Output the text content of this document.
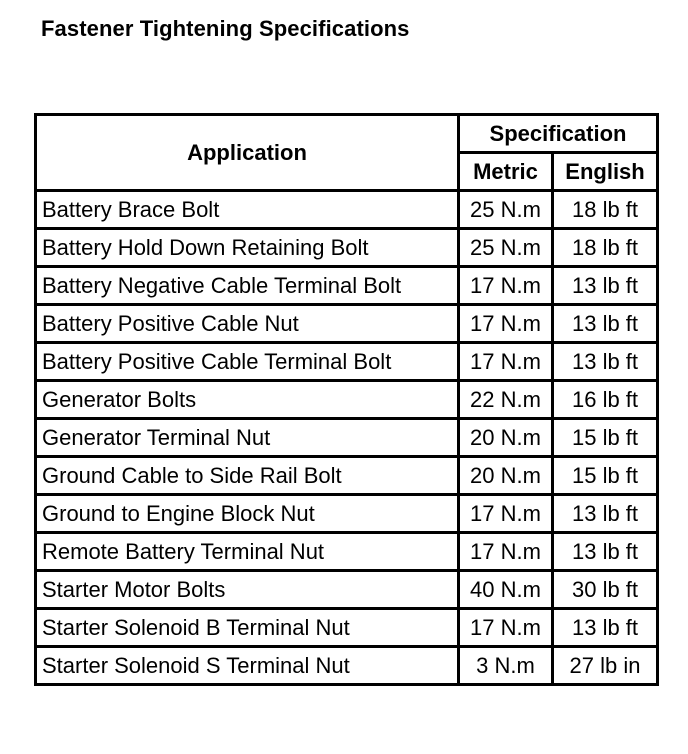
Fastener Tightening Specifications
Application	Specification	
	Metric	English
Battery Brace Bolt	25 N.m	18 lb ft
Battery Hold Down Retaining Bolt	25 N.m	18 lb ft
Battery Negative Cable Terminal Bolt	17 N.m	13 lb ft
Battery Positive Cable Nut	17 N.m	13 lb ft
Battery Positive Cable Terminal Bolt	17 N.m	13 lb ft
Generator Bolts	22 N.m	16 lb ft
Generator Terminal Nut	20 N.m	15 lb ft
Ground Cable to Side Rail Bolt	20 N.m	15 lb ft
Ground to Engine Block Nut	17 N.m	13 lb ft
Remote Battery Terminal Nut	17 N.m	13 lb ft
Starter Motor Bolts	40 N.m	30 lb ft
Starter Solenoid B Terminal Nut	17 N.m	13 lb ft
Starter Solenoid S Terminal Nut	3 N.m	27 lb in
